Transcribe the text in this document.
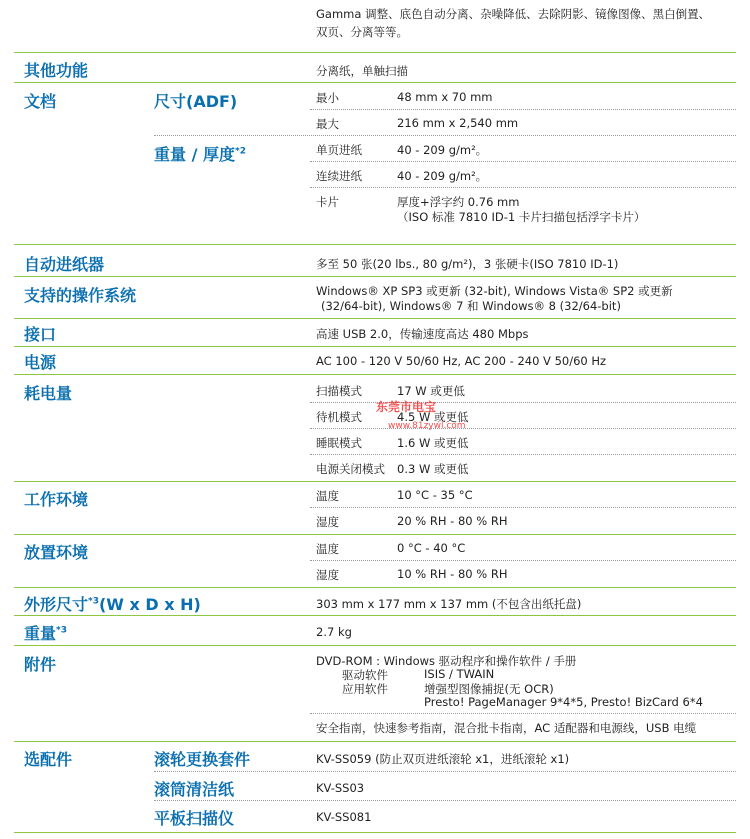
Gamma 调整、底色自动分离、杂噪降低、去除阴影、镜像图像、黑白倒置、
双页、分离等等。
其他功能	分离纸，单触扫描
文档	尺寸(ADF)	最小	48 mm x 70 mm
最大	216 mm x 2,540 mm
重量 / 厚度$^{*2}$	单页进纸	40 - 209 g/m²。
连续进纸	40 - 209 g/m²。
卡片	厚度+浮字约 0.76 mm
（ISO 标准 7810 ID-1 卡片扫描包括浮字卡片）
自动进纸器	多至 50 张(20 lbs., 80 g/m²)，3 张硬卡(ISO 7810 ID-1)
支持的操作系统	Windows® XP SP3 或更新 (32-bit), Windows Vista® SP2 或更新
(32/64-bit), Windows® 7 和 Windows® 8 (32/64-bit)
接口	高速 USB 2.0，传输速度高达 480 Mbps
电源	AC 100 - 120 V 50/60 Hz, AC 200 - 240 V 50/60 Hz
耗电量	扫描模式	17 W 或更低
待机模式	4.5 W 或更低
睡眠模式	1.6 W 或更低
电源关闭模式 0.3 W 或更低
东莞市电宝
www.81zywl.com
工作环境	温度	10 °C - 35 °C
湿度	20 % RH - 80 % RH
放置环境	温度	0 °C - 40 °C
湿度	10 % RH - 80 % RH
外形尺寸$^{*3}$(W x D x H)	303 mm x 177 mm x 137 mm (不包含出纸托盘)
重量$^{*3}$	2.7 kg
附件	DVD-ROM : Windows 驱动程序和操作软件 / 手册
驱动软件	ISIS / TWAIN
应用软件	增强型图像捕捉(无 OCR)
Presto! PageManager 9*4*5, Presto! BizCard 6*4
安全指南，快速参考指南，混合批卡指南，AC 适配器和电源线，USB 电缆
选配件	滚轮更换套件	KV-SS059 (防止双页进纸滚轮 x1，进纸滚轮 x1)
滚筒清洁纸	KV-SS03
平板扫描仪	KV-SS081
